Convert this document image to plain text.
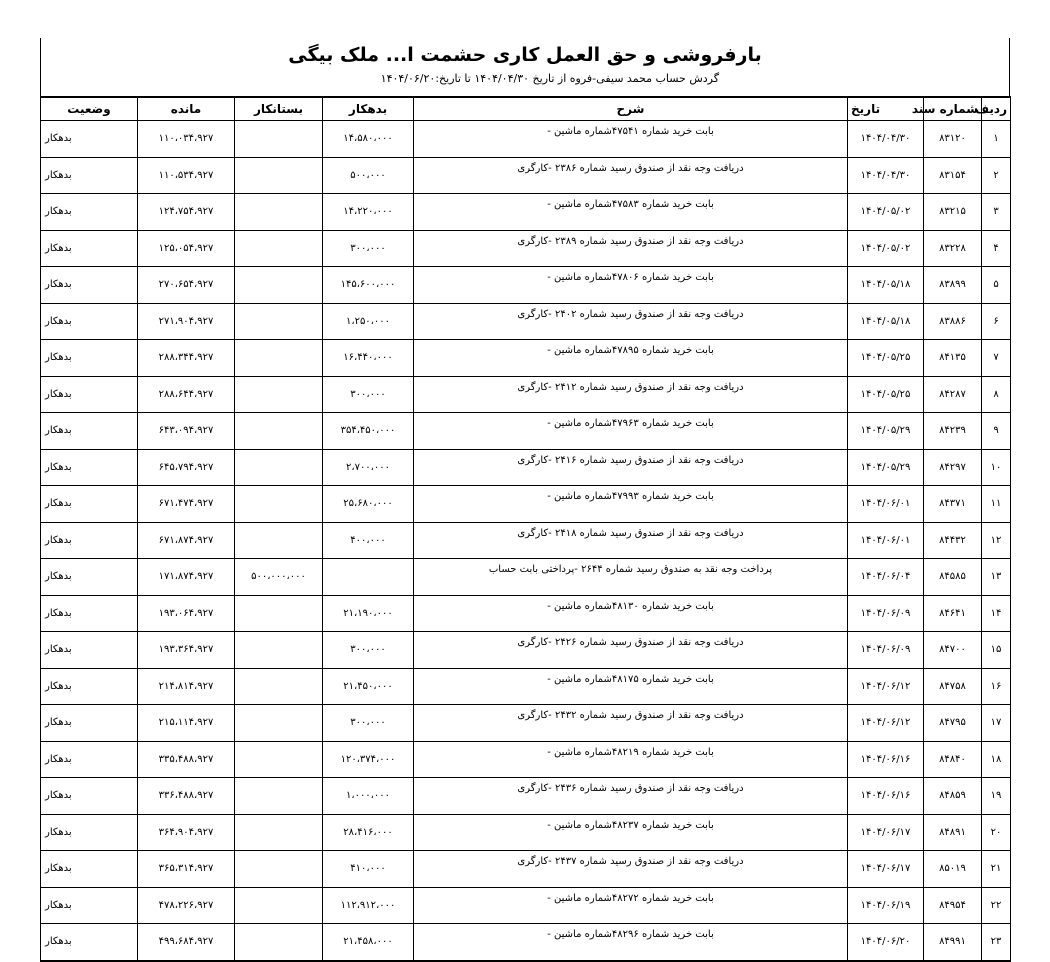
بارفروشی و حق العمل کاری حشمت ا... ملک بیگی
گردش حساب محمد سیفی-فروه از تاریخ ۱۴۰۴/۰۴/۳۰ تا تاریخ:۱۴۰۴/۰۶/۲۰
ردیف	شماره سند	تاریخ	شرح	بدهکار	بستانکار	مانده	وضعیت
۱	۸۳۱۲۰	۱۴۰۴/۰۴/۳۰	بابت خرید شماره ۴۷۵۴۱شماره ماشین -	۱۴،۵۸۰،۰۰۰		۱۱۰،۰۳۴،۹۲۷	بدهکار
۲	۸۳۱۵۴	۱۴۰۴/۰۴/۳۰	دریافت وجه نقد از صندوق رسید شماره ۲۳۸۶ -کارگری	۵۰۰،۰۰۰		۱۱۰،۵۳۴،۹۲۷	بدهکار
۳	۸۳۲۱۵	۱۴۰۴/۰۵/۰۲	بابت خرید شماره ۴۷۵۸۳شماره ماشین -	۱۴،۲۲۰،۰۰۰		۱۲۴،۷۵۴،۹۲۷	بدهکار
۴	۸۳۲۲۸	۱۴۰۴/۰۵/۰۲	دریافت وجه نقد از صندوق رسید شماره ۲۳۸۹ -کارگری	۳۰۰،۰۰۰		۱۲۵،۰۵۴،۹۲۷	بدهکار
۵	۸۳۸۹۹	۱۴۰۴/۰۵/۱۸	بابت خرید شماره ۴۷۸۰۶شماره ماشین -	۱۴۵،۶۰۰،۰۰۰		۲۷۰،۶۵۴،۹۲۷	بدهکار
۶	۸۳۸۸۶	۱۴۰۴/۰۵/۱۸	دریافت وجه نقد از صندوق رسید شماره ۲۴۰۲ -کارگری	۱،۲۵۰،۰۰۰		۲۷۱،۹۰۴،۹۲۷	بدهکار
۷	۸۴۱۳۵	۱۴۰۴/۰۵/۲۵	بابت خرید شماره ۴۷۸۹۵شماره ماشین -	۱۶،۴۴۰،۰۰۰		۲۸۸،۳۴۴،۹۲۷	بدهکار
۸	۸۴۲۸۷	۱۴۰۴/۰۵/۲۵	دریافت وجه نقد از صندوق رسید شماره ۲۴۱۲ -کارگری	۳۰۰،۰۰۰		۲۸۸،۶۴۴،۹۲۷	بدهکار
۹	۸۴۲۳۹	۱۴۰۴/۰۵/۲۹	بابت خرید شماره ۴۷۹۶۳شماره ماشین -	۳۵۴،۴۵۰،۰۰۰		۶۴۳،۰۹۴،۹۲۷	بدهکار
۱۰	۸۴۲۹۷	۱۴۰۴/۰۵/۲۹	دریافت وجه نقد از صندوق رسید شماره ۲۴۱۶ -کارگری	۲،۷۰۰،۰۰۰		۶۴۵،۷۹۴،۹۲۷	بدهکار
۱۱	۸۴۳۷۱	۱۴۰۴/۰۶/۰۱	بابت خرید شماره ۴۷۹۹۳شماره ماشین -	۲۵،۶۸۰،۰۰۰		۶۷۱،۴۷۴،۹۲۷	بدهکار
۱۲	۸۴۴۳۲	۱۴۰۴/۰۶/۰۱	دریافت وجه نقد از صندوق رسید شماره ۲۴۱۸ -کارگری	۴۰۰،۰۰۰		۶۷۱،۸۷۴،۹۲۷	بدهکار
۱۳	۸۴۵۸۵	۱۴۰۴/۰۶/۰۴	پرداخت وجه نقد به صندوق رسید شماره ۲۶۴۴ -پرداختی بابت حساب		۵۰۰،۰۰۰،۰۰۰	۱۷۱،۸۷۴،۹۲۷	بدهکار
۱۴	۸۴۶۴۱	۱۴۰۴/۰۶/۰۹	بابت خرید شماره ۴۸۱۳۰شماره ماشین -	۲۱،۱۹۰،۰۰۰		۱۹۳،۰۶۴،۹۲۷	بدهکار
۱۵	۸۴۷۰۰	۱۴۰۴/۰۶/۰۹	دریافت وجه نقد از صندوق رسید شماره ۲۴۲۶ -کارگری	۳۰۰،۰۰۰		۱۹۳،۳۶۴،۹۲۷	بدهکار
۱۶	۸۴۷۵۸	۱۴۰۴/۰۶/۱۲	بابت خرید شماره ۴۸۱۷۵شماره ماشین -	۲۱،۴۵۰،۰۰۰		۲۱۴،۸۱۴،۹۲۷	بدهکار
۱۷	۸۴۷۹۵	۱۴۰۴/۰۶/۱۲	دریافت وجه نقد از صندوق رسید شماره ۲۴۳۲ -کارگری	۳۰۰،۰۰۰		۲۱۵،۱۱۴،۹۲۷	بدهکار
۱۸	۸۴۸۴۰	۱۴۰۴/۰۶/۱۶	بابت خرید شماره ۴۸۲۱۹شماره ماشین -	۱۲۰،۳۷۴،۰۰۰		۳۳۵،۴۸۸،۹۲۷	بدهکار
۱۹	۸۴۸۵۹	۱۴۰۴/۰۶/۱۶	دریافت وجه نقد از صندوق رسید شماره ۲۴۳۶ -کارگری	۱،۰۰۰،۰۰۰		۳۳۶،۴۸۸،۹۲۷	بدهکار
۲۰	۸۴۸۹۱	۱۴۰۴/۰۶/۱۷	بابت خرید شماره ۴۸۲۳۷شماره ماشین -	۲۸،۴۱۶،۰۰۰		۳۶۴،۹۰۴،۹۲۷	بدهکار
۲۱	۸۵۰۱۹	۱۴۰۴/۰۶/۱۷	دریافت وجه نقد از صندوق رسید شماره ۲۴۳۷ -کارگری	۴۱۰،۰۰۰		۳۶۵،۳۱۴،۹۲۷	بدهکار
۲۲	۸۴۹۵۴	۱۴۰۴/۰۶/۱۹	بابت خرید شماره ۴۸۲۷۲شماره ماشین -	۱۱۲،۹۱۲،۰۰۰		۴۷۸،۲۲۶،۹۲۷	بدهکار
۲۳	۸۴۹۹۱	۱۴۰۴/۰۶/۲۰	بابت خرید شماره ۴۸۲۹۶شماره ماشین -	۲۱،۴۵۸،۰۰۰		۴۹۹،۶۸۴،۹۲۷	بدهکار
